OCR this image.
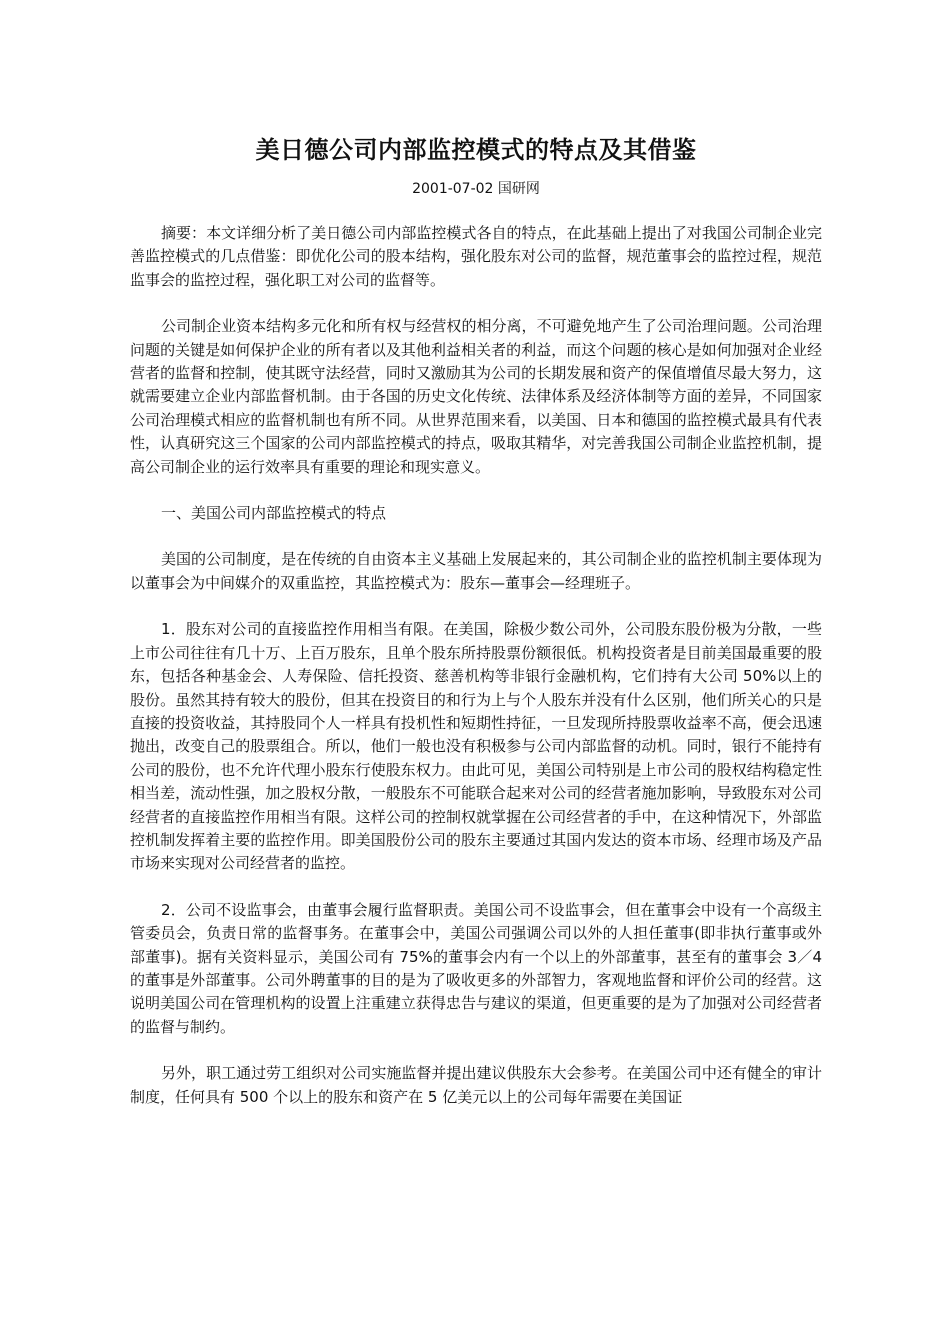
美日德公司内部监控模式的特点及其借鉴
2001-07-02 国研网

摘要：本文详细分析了美日德公司内部监控模式各自的特点，在此基础上提出了对我国公司制企业完善监控模式的几点借鉴：即优化公司的股本结构，强化股东对公司的监督，规范董事会的监控过程，规范监事会的监控过程，强化职工对公司的监督等。

公司制企业资本结构多元化和所有权与经营权的相分离，不可避免地产生了公司治理问题。公司治理问题的关键是如何保护企业的所有者以及其他利益相关者的利益，而这个问题的核心是如何加强对企业经营者的监督和控制，使其既守法经营，同时又激励其为公司的长期发展和资产的保值增值尽最大努力，这就需要建立企业内部监督机制。由于各国的历史文化传统、法律体系及经济体制等方面的差异，不同国家公司治理模式相应的监督机制也有所不同。从世界范围来看，以美国、日本和德国的监控模式最具有代表性，认真研究这三个国家的公司内部监控模式的持点，吸取其精华，对完善我国公司制企业监控机制，提高公司制企业的运行效率具有重要的理论和现实意义。

一、美国公司内部监控模式的特点

美国的公司制度，是在传统的自由资本主义基础上发展起来的，其公司制企业的监控机制主要体现为以董事会为中间媒介的双重监控，其监控模式为：股东—董事会—经理班子。

1．股东对公司的直接监控作用相当有限。在美国，除极少数公司外，公司股东股份极为分散，一些上市公司往往有几十万、上百万股东，且单个股东所持股票份额很低。机构投资者是目前美国最重要的股东，包括各种基金会、人寿保险、信托投资、慈善机构等非银行金融机构，它们持有大公司 50%以上的股份。虽然其持有较大的股份，但其在投资目的和行为上与个人股东并没有什么区别，他们所关心的只是直接的投资收益，其持股同个人一样具有投机性和短期性持征，一旦发现所持股票收益率不高，便会迅速抛出，改变自己的股票组合。所以，他们一般也没有积极参与公司内部监督的动机。同时，银行不能持有公司的股份，也不允许代理小股东行使股东权力。由此可见，美国公司特别是上市公司的股权结构稳定性相当差，流动性强，加之股权分散，一般股东不可能联合起来对公司的经营者施加影响，导致股东对公司经营者的直接监控作用相当有限。这样公司的控制权就掌握在公司经营者的手中，在这种情况下，外部监控机制发挥着主要的监控作用。即美国股份公司的股东主要通过其国内发达的资本市场、经理市场及产品市场来实现对公司经营者的监控。

2．公司不设监事会，由董事会履行监督职责。美国公司不设监事会，但在董事会中设有一个高级主管委员会，负责日常的监督事务。在董事会中，美国公司强调公司以外的人担任董事(即非执行董事或外部董事)。据有关资料显示，美国公司有 75%的董事会内有一个以上的外部董事，甚至有的董事会 3／4 的董事是外部董事。公司外聘董事的目的是为了吸收更多的外部智力，客观地监督和评价公司的经营。这说明美国公司在管理机构的设置上注重建立获得忠告与建议的渠道，但更重要的是为了加强对公司经营者的监督与制约。

另外，职工通过劳工组织对公司实施监督并提出建议供股东大会参考。在美国公司中还有健全的审计制度，任何具有 500 个以上的股东和资产在 5 亿美元以上的公司每年需要在美国证
